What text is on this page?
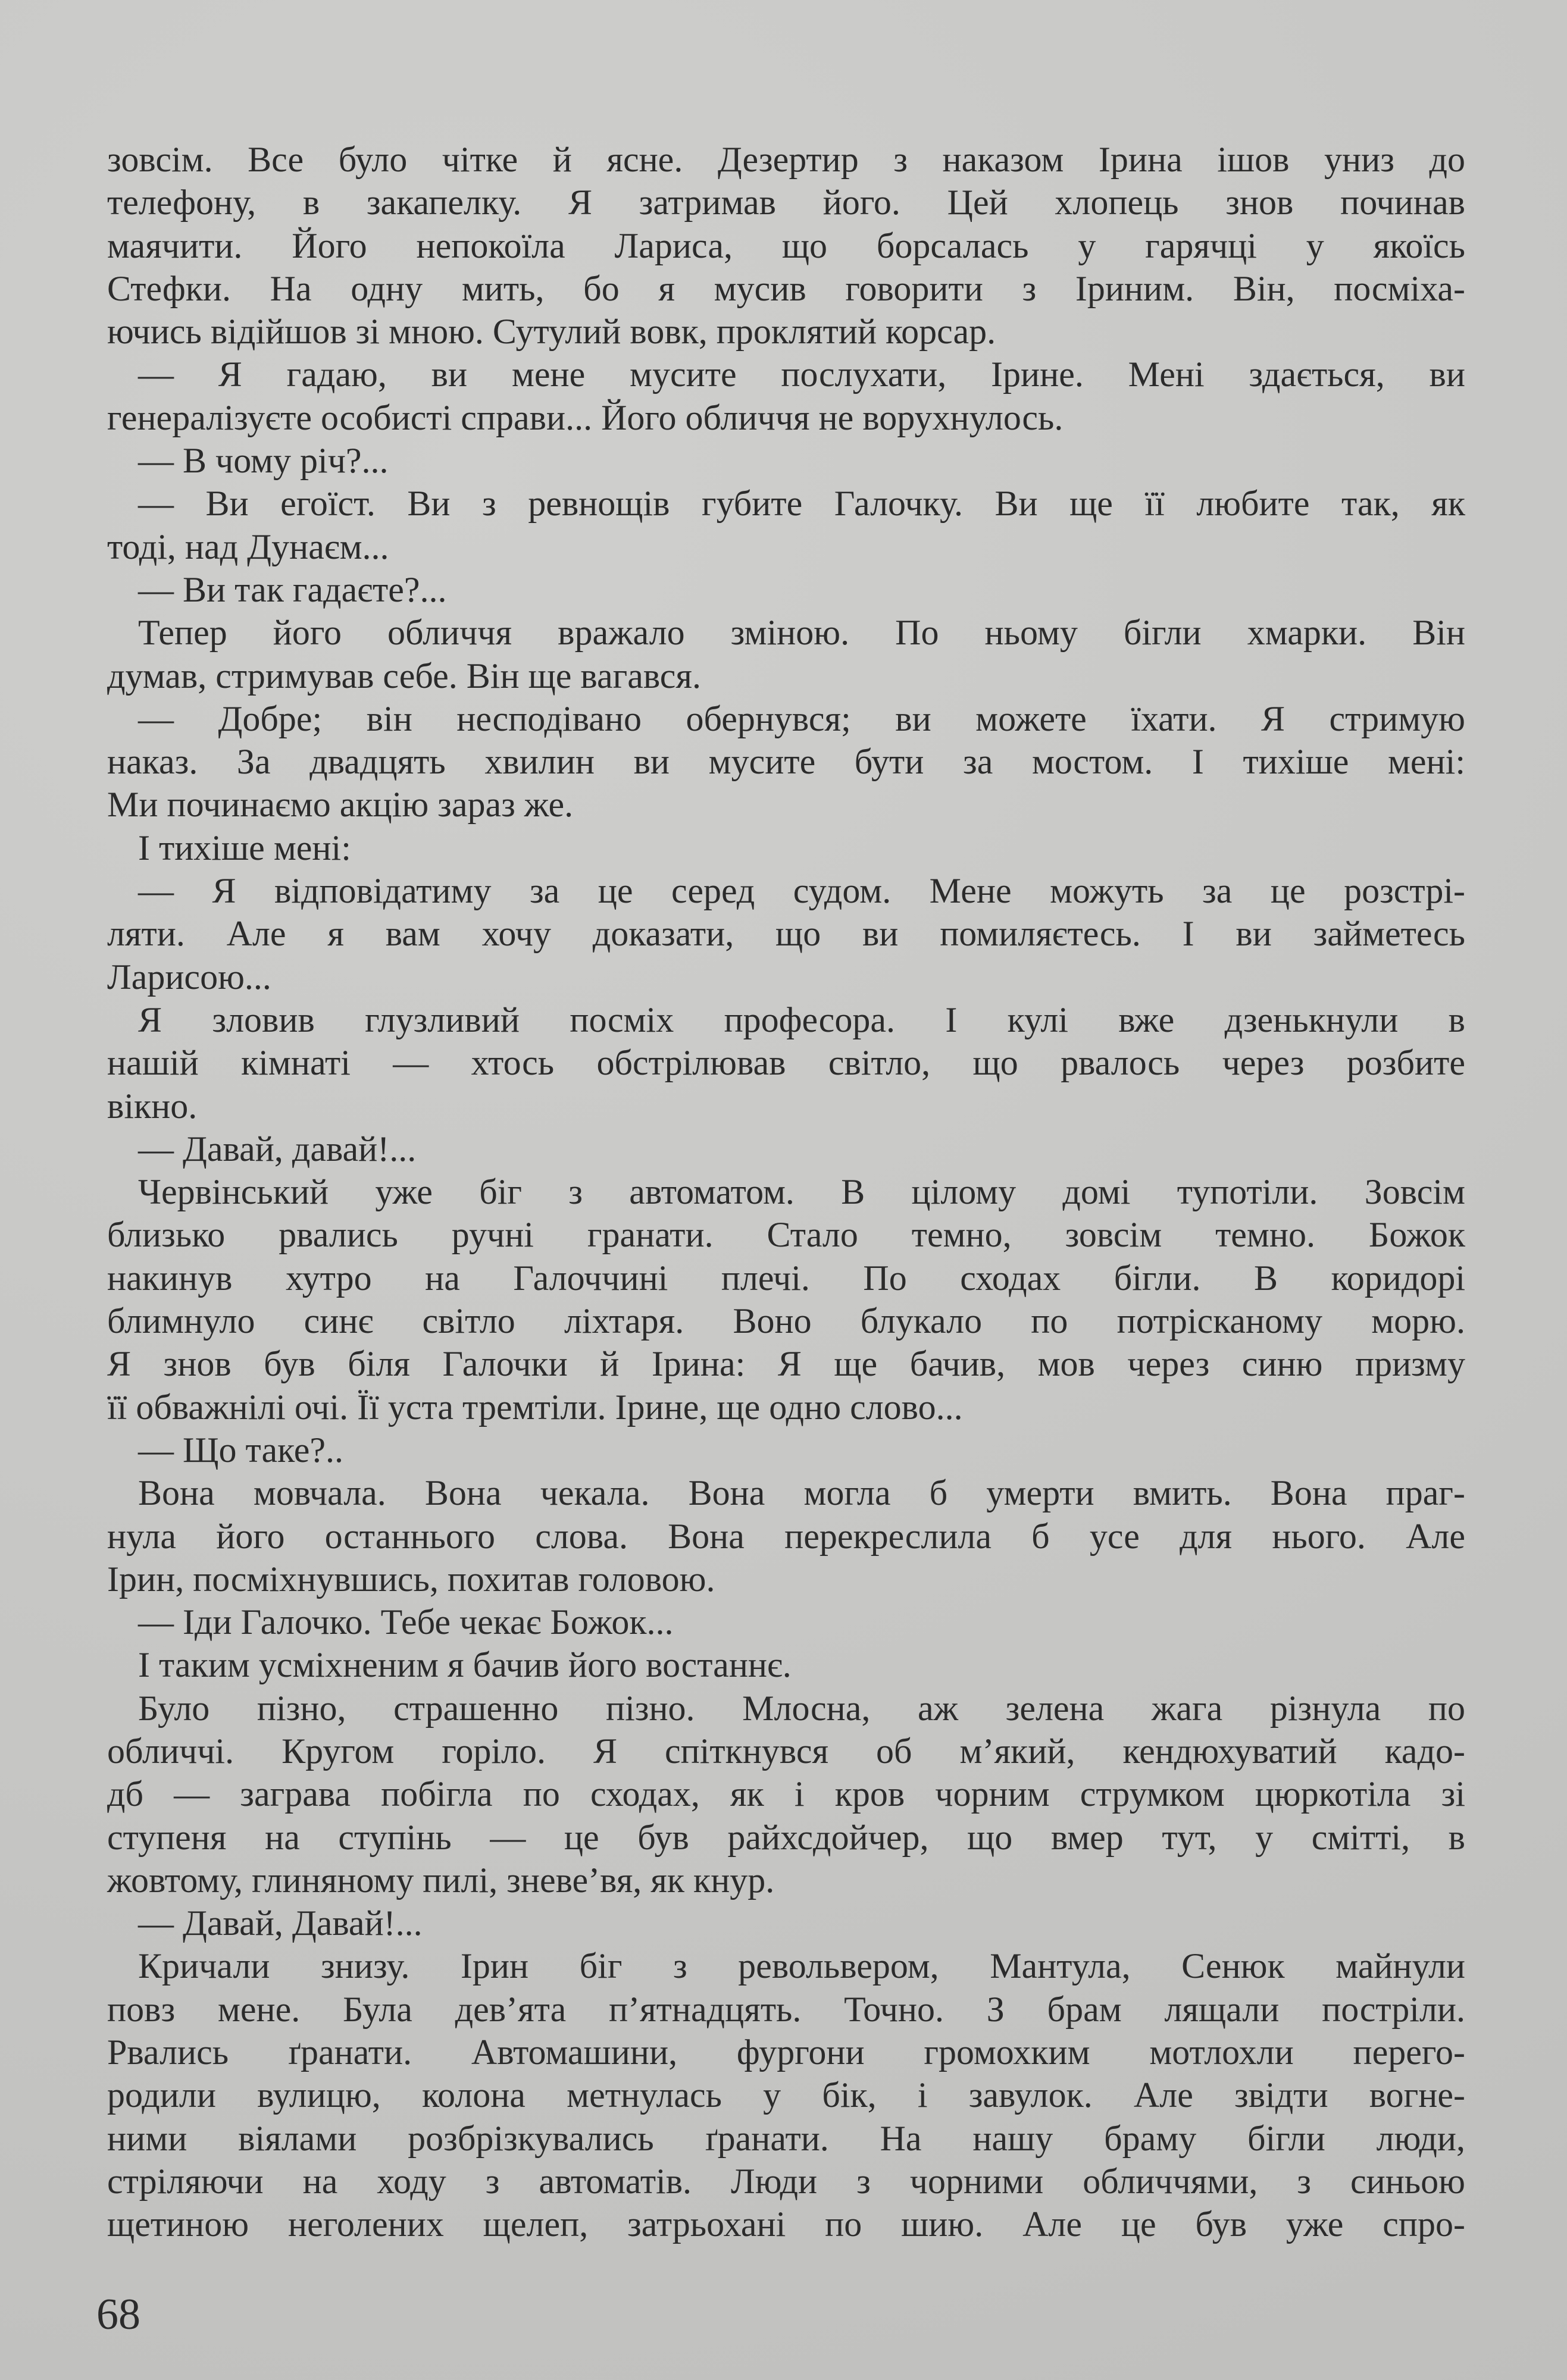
зовсім. Все було чітке й ясне. Дезертир з наказом Ірина ішов униз до
телефону, в закапелку. Я затримав його. Цей хлопець знов починав
маячити. Його непокоїла Лариса, що борсалась у гарячці у якоїсь
Стефки. На одну мить, бо я мусив говорити з Іриним. Він, посміха-
ючись відійшов зі мною. Сутулий вовк, проклятий корсар.
— Я гадаю, ви мене мусите послухати, Ірине. Мені здається, ви
генералізуєте особисті справи... Його обличчя не ворухнулось.
— В чому річ?...
— Ви егоїст. Ви з ревнощів губите Галочку. Ви ще її любите так, як
тоді, над Дунаєм...
— Ви так гадаєте?...
Тепер його обличчя вражало зміною. По ньому бігли хмарки. Він
думав, стримував себе. Він ще вагався.
— Добре; він несподівано обернувся; ви можете їхати. Я стримую
наказ. За двадцять хвилин ви мусите бути за мостом. І тихіше мені:
Ми починаємо акцію зараз же.
І тихіше мені:
— Я відповідатиму за це серед судом. Мене можуть за це розстрі-
ляти. Але я вам хочу доказати, що ви помиляєтесь. І ви займетесь
Ларисою...
Я зловив глузливий посміх професора. І кулі вже дзенькнули в
нашій кімнаті — хтось обстрілював світло, що рвалось через розбите
вікно.
— Давай, давай!...
Червінський уже біг з автоматом. В цілому домі тупотіли. Зовсім
близько рвались ручні гранати. Стало темно, зовсім темно. Божок
накинув хутро на Галоччині плечі. По сходах бігли. В коридорі
блимнуло синє світло ліхтаря. Воно блукало по потрісканому морю.
Я знов був біля Галочки й Ірина: Я ще бачив, мов через синю призму
її обважнілі очі. Її уста тремтіли. Ірине, ще одно слово...
— Що таке?..
Вона мовчала. Вона чекала. Вона могла б умерти вмить. Вона праг-
нула його останнього слова. Вона перекреслила б усе для нього. Але
Ірин, посміхнувшись, похитав головою.
— Іди Галочко. Тебе чекає Божок...
І таким усміхненим я бачив його востаннє.
Було пізно, страшенно пізно. Млосна, аж зелена жага різнула по
обличчі. Кругом горіло. Я спіткнувся об м’який, кендюхуватий кадо-
дб — заграва побігла по сходах, як і кров чорним струмком цюркотіла зі
ступеня на ступінь — це був райхсдойчер, що вмер тут, у смітті, в
жовтому, глиняному пилі, зневе’вя, як кнур.
— Давай, Давай!...
Кричали знизу. Ірин біг з револьвером, Мантула, Сенюк майнули
повз мене. Була дев’ята п’ятнадцять. Точно. З брам лящали постріли.
Рвались ґранати. Автомашини, фургони громохким мотлохли перего-
родили вулицю, колона метнулась у бік, і завулок. Але звідти вогне-
ними віялами розбрізкувались ґранати. На нашу браму бігли люди,
стріляючи на ходу з автоматів. Люди з чорними обличчями, з синьою
щетиною неголених щелеп, затрьохані по шию. Але це був уже спро-
68
